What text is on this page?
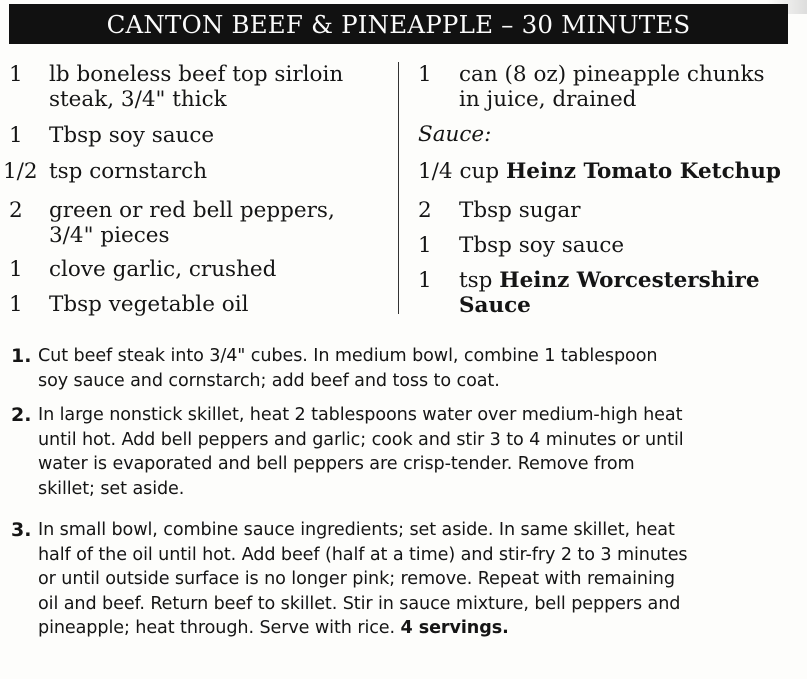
CANTON BEEF & PINEAPPLE – 30 MINUTES
1 lb boneless beef top sirloin
steak, 3/4" thick
1 Tbsp soy sauce
1/2 tsp cornstarch
2 green or red bell peppers,
3/4" pieces
1 clove garlic, crushed
1 Tbsp vegetable oil
1 can (8 oz) pineapple chunks
in juice, drained
Sauce:
1/4 cup Heinz Tomato Ketchup
2 Tbsp sugar
1 Tbsp soy sauce
1 tsp Heinz Worcestershire
Sauce
1. Cut beef steak into 3/4" cubes. In medium bowl, combine 1 tablespoon
soy sauce and cornstarch; add beef and toss to coat.
2. In large nonstick skillet, heat 2 tablespoons water over medium-high heat
until hot. Add bell peppers and garlic; cook and stir 3 to 4 minutes or until
water is evaporated and bell peppers are crisp-tender. Remove from
skillet; set aside.
3. In small bowl, combine sauce ingredients; set aside. In same skillet, heat
half of the oil until hot. Add beef (half at a time) and stir-fry 2 to 3 minutes
or until outside surface is no longer pink; remove. Repeat with remaining
oil and beef. Return beef to skillet. Stir in sauce mixture, bell peppers and
pineapple; heat through. Serve with rice. 4 servings.
